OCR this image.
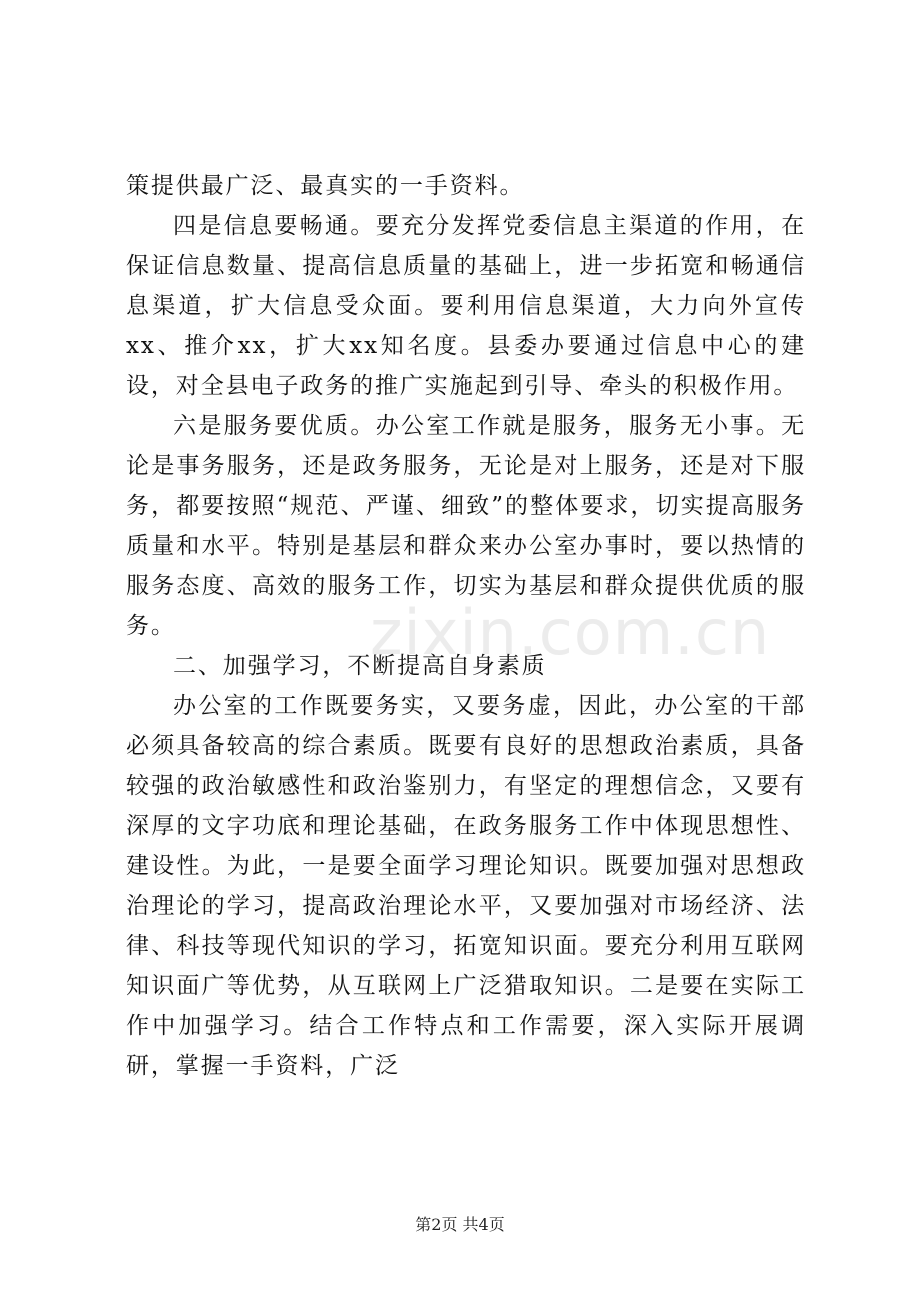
策提供最广泛、最真实的一手资料。

四是信息要畅通。要充分发挥党委信息主渠道的作用，在保证信息数量、提高信息质量的基础上，进一步拓宽和畅通信息渠道，扩大信息受众面。要利用信息渠道，大力向外宣传xx、推介xx，扩大xx知名度。县委办要通过信息中心的建设，对全县电子政务的推广实施起到引导、牵头的积极作用。

六是服务要优质。办公室工作就是服务，服务无小事。无论是事务服务，还是政务服务，无论是对上服务，还是对下服务，都要按照“规范、严谨、细致”的整体要求，切实提高服务质量和水平。特别是基层和群众来办公室办事时，要以热情的服务态度、高效的服务工作，切实为基层和群众提供优质的服务。

二、加强学习，不断提高自身素质

办公室的工作既要务实，又要务虚，因此，办公室的干部必须具备较高的综合素质。既要有良好的思想政治素质，具备较强的政治敏感性和政治鉴别力，有坚定的理想信念，又要有深厚的文字功底和理论基础，在政务服务工作中体现思想性、建设性。为此，一是要全面学习理论知识。既要加强对思想政治理论的学习，提高政治理论水平，又要加强对市场经济、法律、科技等现代知识的学习，拓宽知识面。要充分利用互联网知识面广等优势，从互联网上广泛猎取知识。二是要在实际工作中加强学习。结合工作特点和工作需要，深入实际开展调研，掌握一手资料，广泛

zixin.com.cn
第2页 共4页
